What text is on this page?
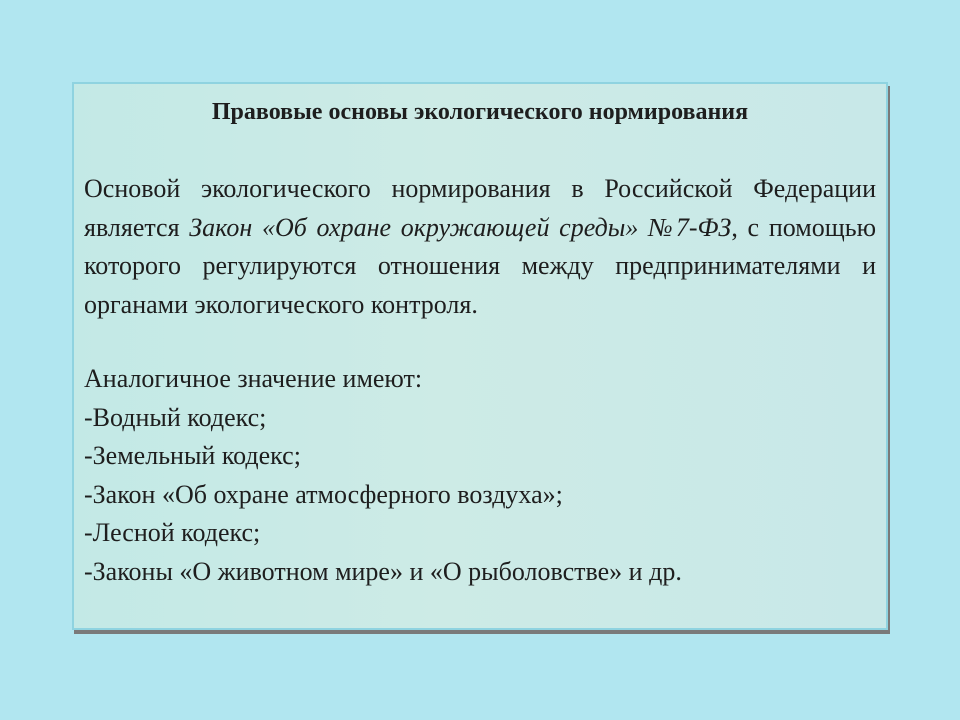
Правовые основы экологического нормирования

Основой экологического нормирования в Российской Федерации является Закон «Об охране окружающей среды» №7-ФЗ, с помощью которого регулируются отношения между предпринимателями и органами экологического контроля.

Аналогичное значение имеют:

-Водный кодекс;
-Земельный кодекс;
-Закон «Об охране атмосферного воздуха»;
-Лесной кодекс;
-Законы «О животном мире» и «О рыболовстве» и др.
